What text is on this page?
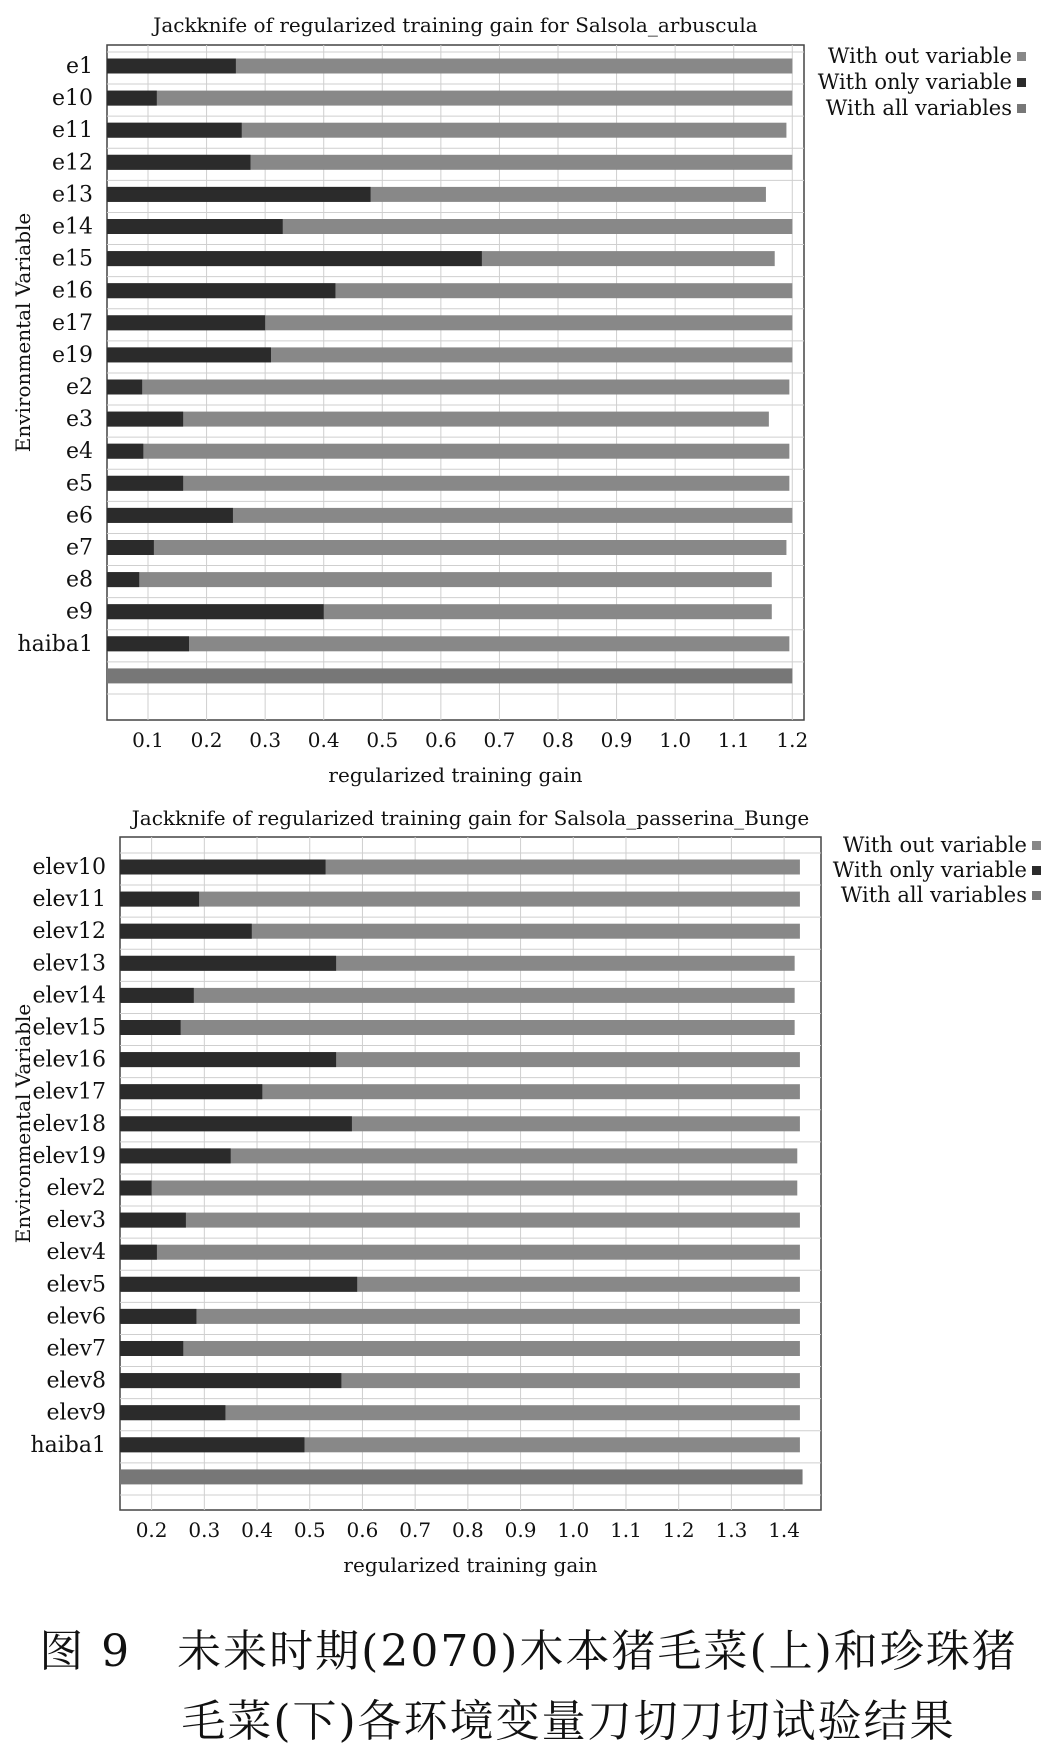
0.1 0.2 0.3 0.4 0.5 0.6 0.7 0.8 0.9 1.0 1.1 1.2
e1
e10
e11
e12
e13
e14
e15
e16
e17
e19
e2
e3
e4
e5
e6
e7
e8
e9
haiba1
Jackknife of regularized training gain for Salsola_arbuscula
regularized training gain
Environmental Variable
With out variable
With only variable
With all variables
0.2 0.3 0.4 0.5 0.6 0.7 0.8 0.9 1.0 1.1 1.2 1.3 1.4
elev10
elev11
elev12
elev13
elev14
elev15
elev16
elev17
elev18
elev19
elev2
elev3
elev4
elev5
elev6
elev7
elev8
elev9
haiba1
Jackknife of regularized training gain for Salsola_passerina_Bunge
regularized training gain
Environmental Variable
With out variable
With only variable
With all variables
图 9　未来时期(2070)木本猪毛菜(上)和珍珠猪
毛菜(下)各环境变量刀切刀切试验结果
